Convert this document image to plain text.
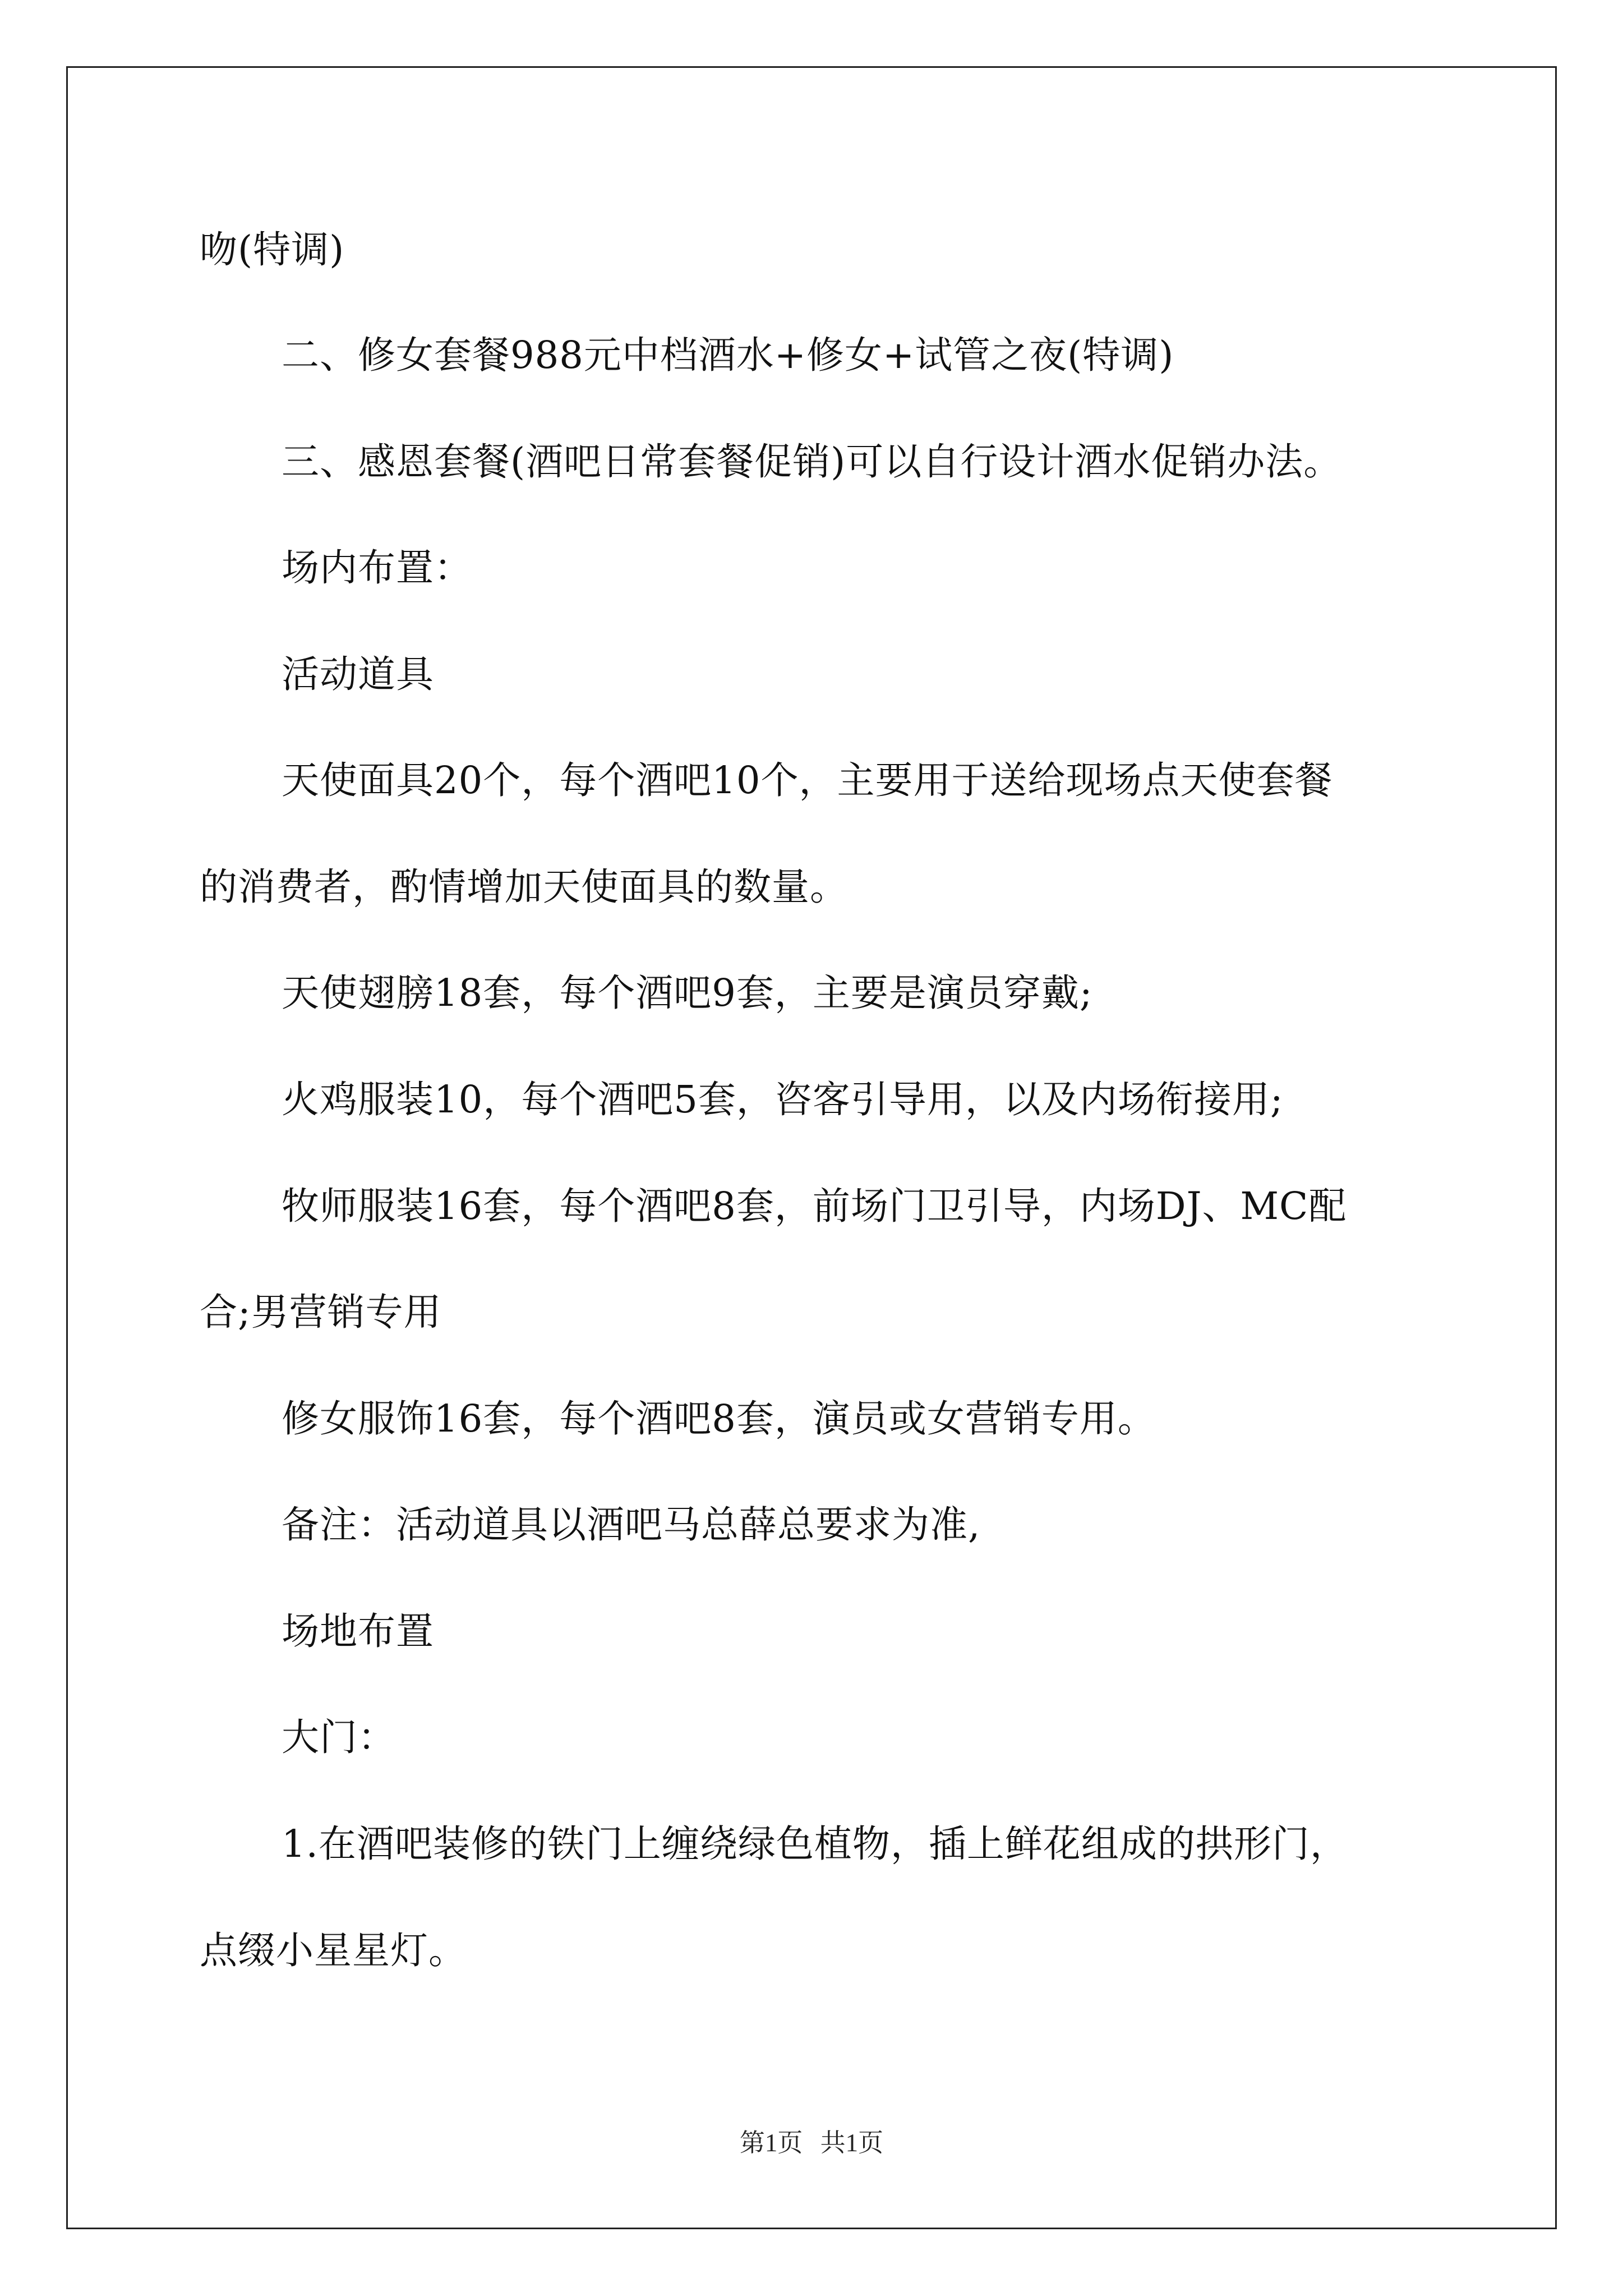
吻(特调)
二、修女套餐988元中档酒水+修女+试管之夜(特调)
三、感恩套餐(酒吧日常套餐促销)可以自行设计酒水促销办法。
场内布置：
活动道具
天使面具20个，每个酒吧10个，主要用于送给现场点天使套餐
的消费者，酌情增加天使面具的数量。
天使翅膀18套，每个酒吧9套，主要是演员穿戴;
火鸡服装10，每个酒吧5套，咨客引导用，以及内场衔接用;
牧师服装16套，每个酒吧8套，前场门卫引导，内场DJ、MC配
合;男营销专用
修女服饰16套，每个酒吧8套，演员或女营销专用。
备注：活动道具以酒吧马总薛总要求为准,
场地布置
大门：
1.在酒吧装修的铁门上缠绕绿色植物，插上鲜花组成的拱形门，
点缀小星星灯。
第1页 共1页
